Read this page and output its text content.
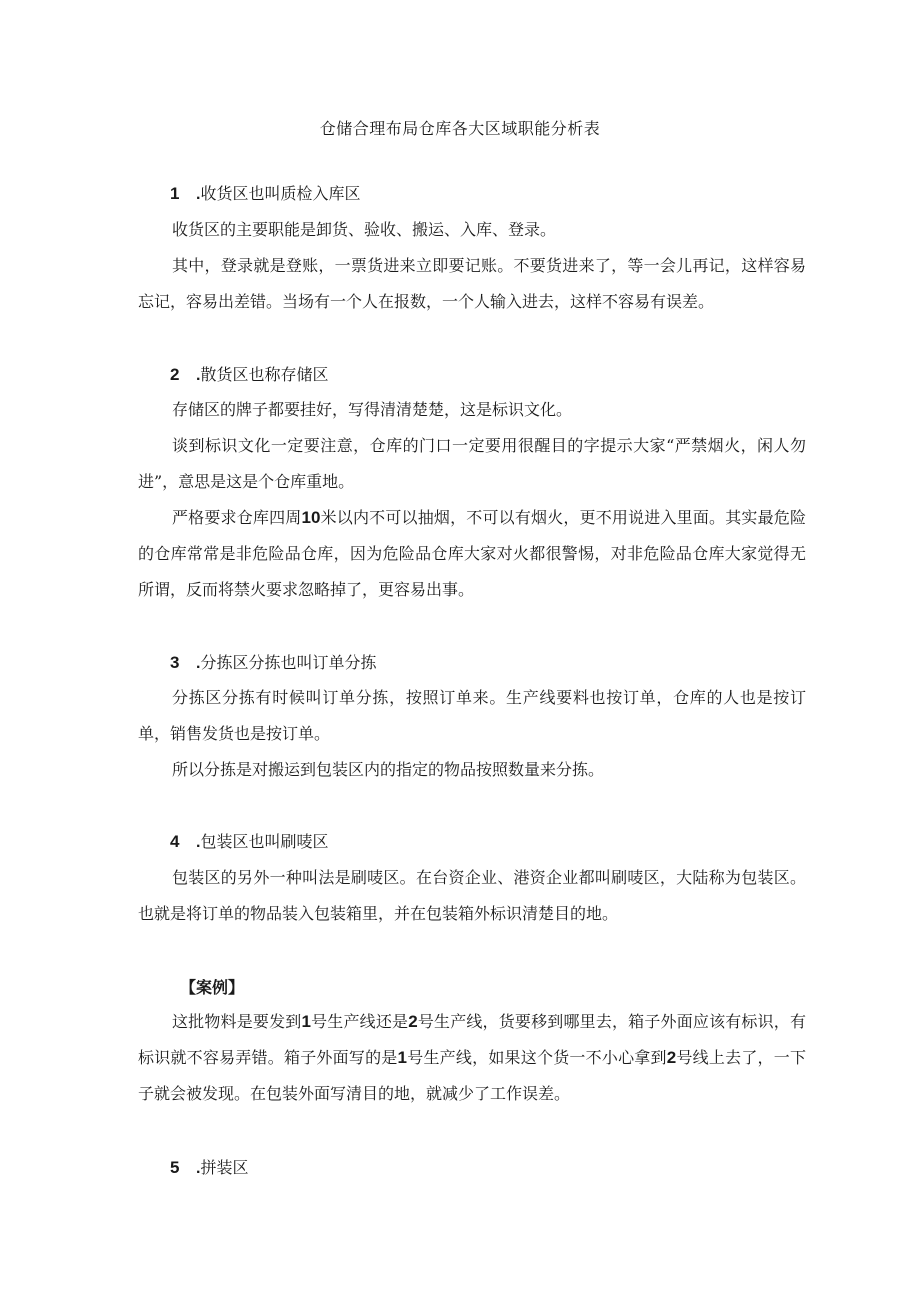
仓储合理布局仓库各大区域职能分析表
1 .收货区也叫质检入库区

收货区的主要职能是卸货、验收、搬运、入库、登录。

其中，登录就是登账，一票货进来立即要记账。不要货进来了，等一会儿再记，这样容易忘记，容易出差错。当场有一个人在报数，一个人输入进去，这样不容易有误差。

2 .散货区也称存储区

存储区的牌子都要挂好，写得清清楚楚，这是标识文化。

谈到标识文化一定要注意，仓库的门口一定要用很醒目的字提示大家“严禁烟火，闲人勿进”，意思是这是个仓库重地。

严格要求仓库四周10米以内不可以抽烟，不可以有烟火，更不用说进入里面。其实最危险的仓库常常是非危险品仓库，因为危险品仓库大家对火都很警惕，对非危险品仓库大家觉得无所谓，反而将禁火要求忽略掉了，更容易出事。

3 .分拣区分拣也叫订单分拣

分拣区分拣有时候叫订单分拣，按照订单来。生产线要料也按订单，仓库的人也是按订单，销售发货也是按订单。

所以分拣是对搬运到包装区内的指定的物品按照数量来分拣。

4 .包装区也叫刷唛区

包装区的另外一种叫法是刷唛区。在台资企业、港资企业都叫刷唛区，大陆称为包装区。也就是将订单的物品装入包装箱里，并在包装箱外标识清楚目的地。

【案例】

这批物料是要发到1号生产线还是2号生产线，货要移到哪里去，箱子外面应该有标识，有标识就不容易弄错。箱子外面写的是1号生产线，如果这个货一不小心拿到2号线上去了，一下子就会被发现。在包装外面写清目的地，就减少了工作误差。

5 .拼装区
